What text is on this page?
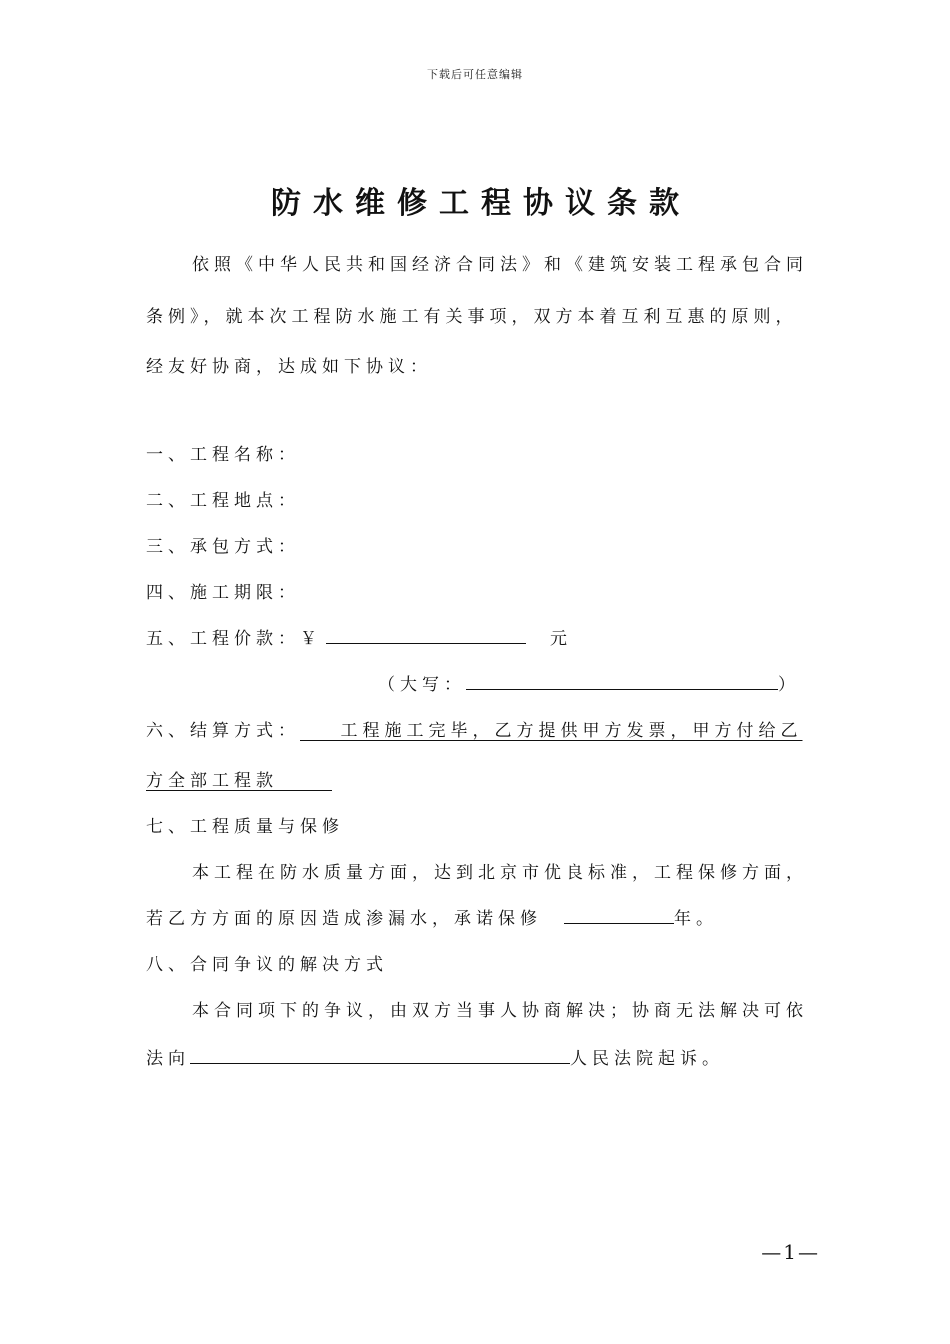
下载后可任意编辑
防水维修工程协议条款
依照《中华人民共和国经济合同法》和《建筑安装工程承包合同
条例》，就本次工程防水施工有关事项，双方本着互利互惠的原则，
经友好协商，达成如下协议：
一、工程名称：
二、工程地点：
三、承包方式：
四、施工期限：
五、工程价款：￥	元
（大写：	）
六、结算方式：    工程施工完毕，乙方提供甲方发票，甲方付给乙
方全部工程款    
七、工程质量与保修
本工程在防水质量方面，达到北京市优良标准，工程保修方面，
若乙方方面的原因造成渗漏水，承诺保修	年。
八、合同争议的解决方式
本合同项下的争议，由双方当事人协商解决；协商无法解决可依
法向	人民法院起诉。
—1—
